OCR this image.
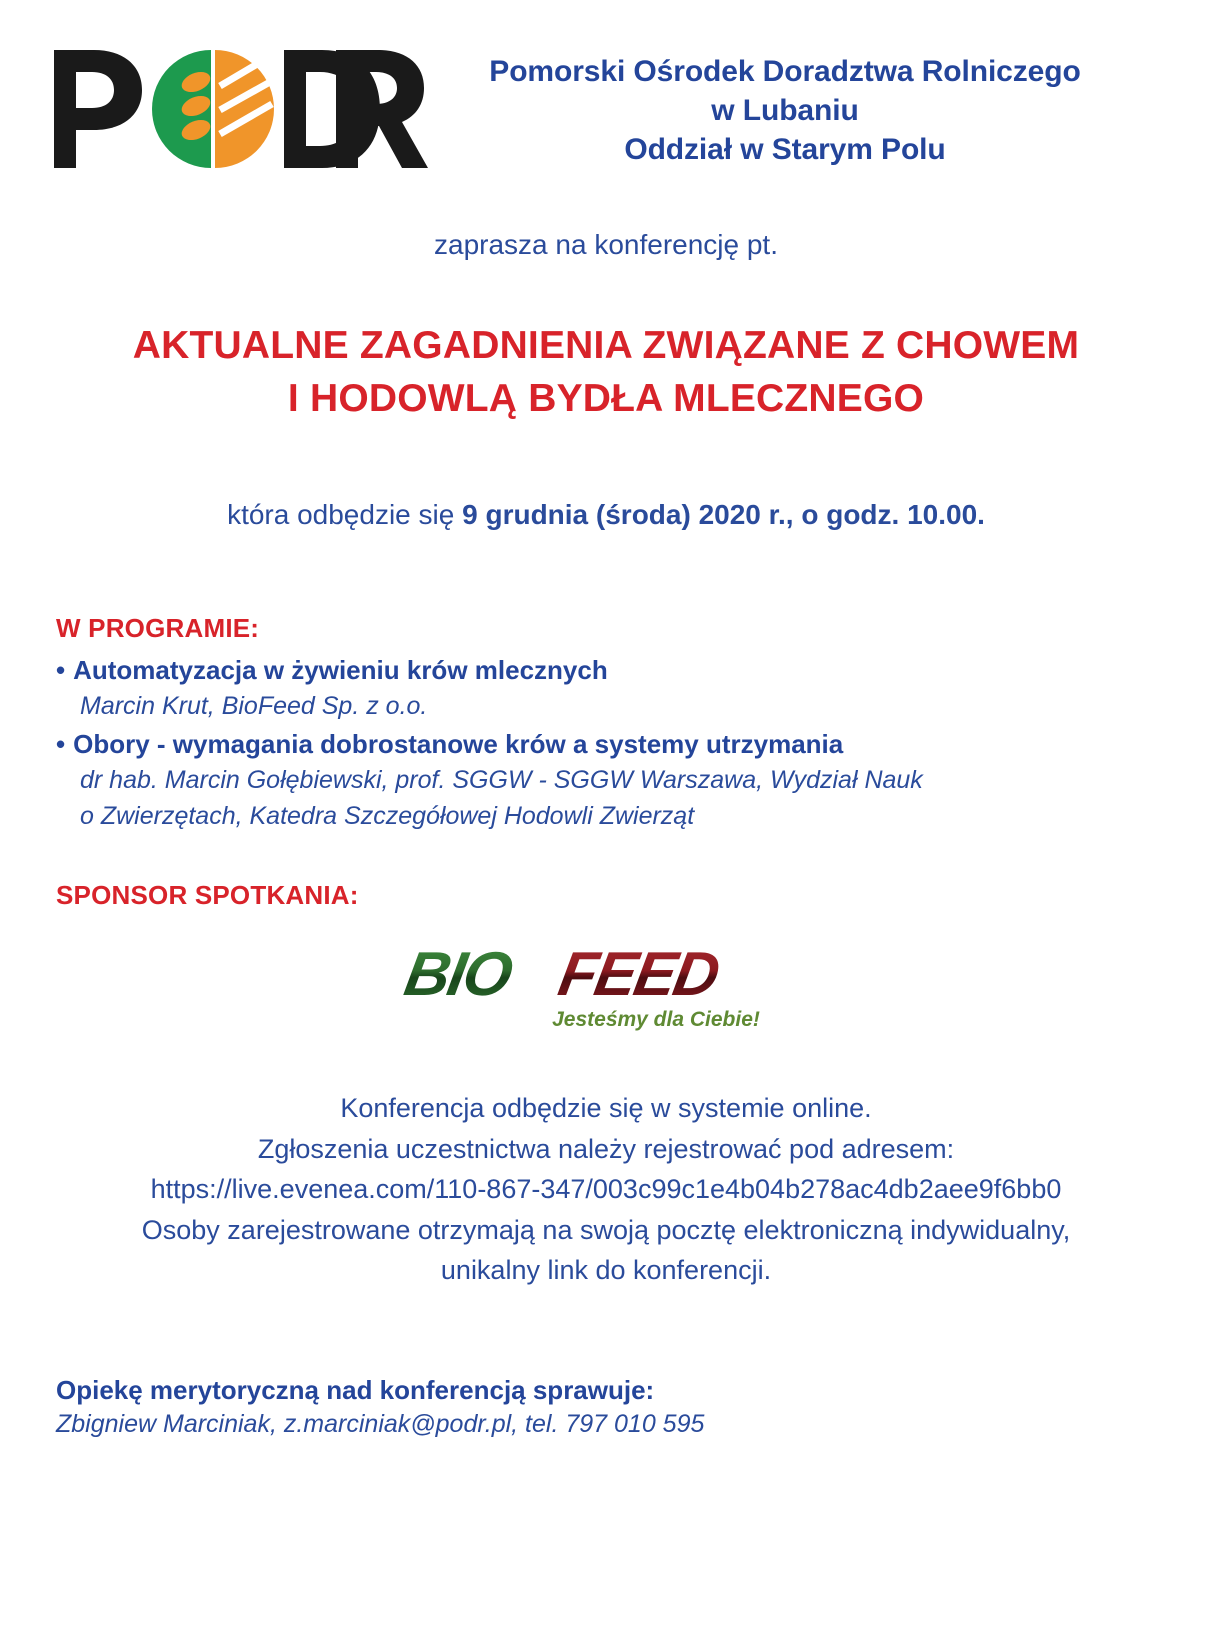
Pomorski Ośrodek Doradztwa Rolniczego
w Lubaniu
Oddział w Starym Polu
zaprasza na konferencję pt.
AKTUALNE ZAGADNIENIA ZWIĄZANE Z CHOWEM
I HODOWLĄ BYDŁA MLECZNEGO
która odbędzie się 9 grudnia (środa) 2020 r., o godz. 10.00.
W PROGRAMIE:
• Automatyzacja w żywieniu krów mlecznych
Marcin Krut, BioFeed Sp. z o.o.
• Obory - wymagania dobrostanowe krów a systemy utrzymania
dr hab. Marcin Gołębiewski, prof. SGGW - SGGW Warszawa, Wydział Nauk
o Zwierzętach, Katedra Szczegółowej Hodowli Zwierząt
SPONSOR SPOTKANIA:
BIO FEED
Jesteśmy dla Ciebie!
Konferencja odbędzie się w systemie online.
Zgłoszenia uczestnictwa należy rejestrować pod adresem:
https://live.evenea.com/110-867-347/003c99c1e4b04b278ac4db2aee9f6bb0
Osoby zarejestrowane otrzymają na swoją pocztę elektroniczną indywidualny,
unikalny link do konferencji.
Opiekę merytoryczną nad konferencją sprawuje:
Zbigniew Marciniak, z.marciniak@podr.pl, tel. 797 010 595
